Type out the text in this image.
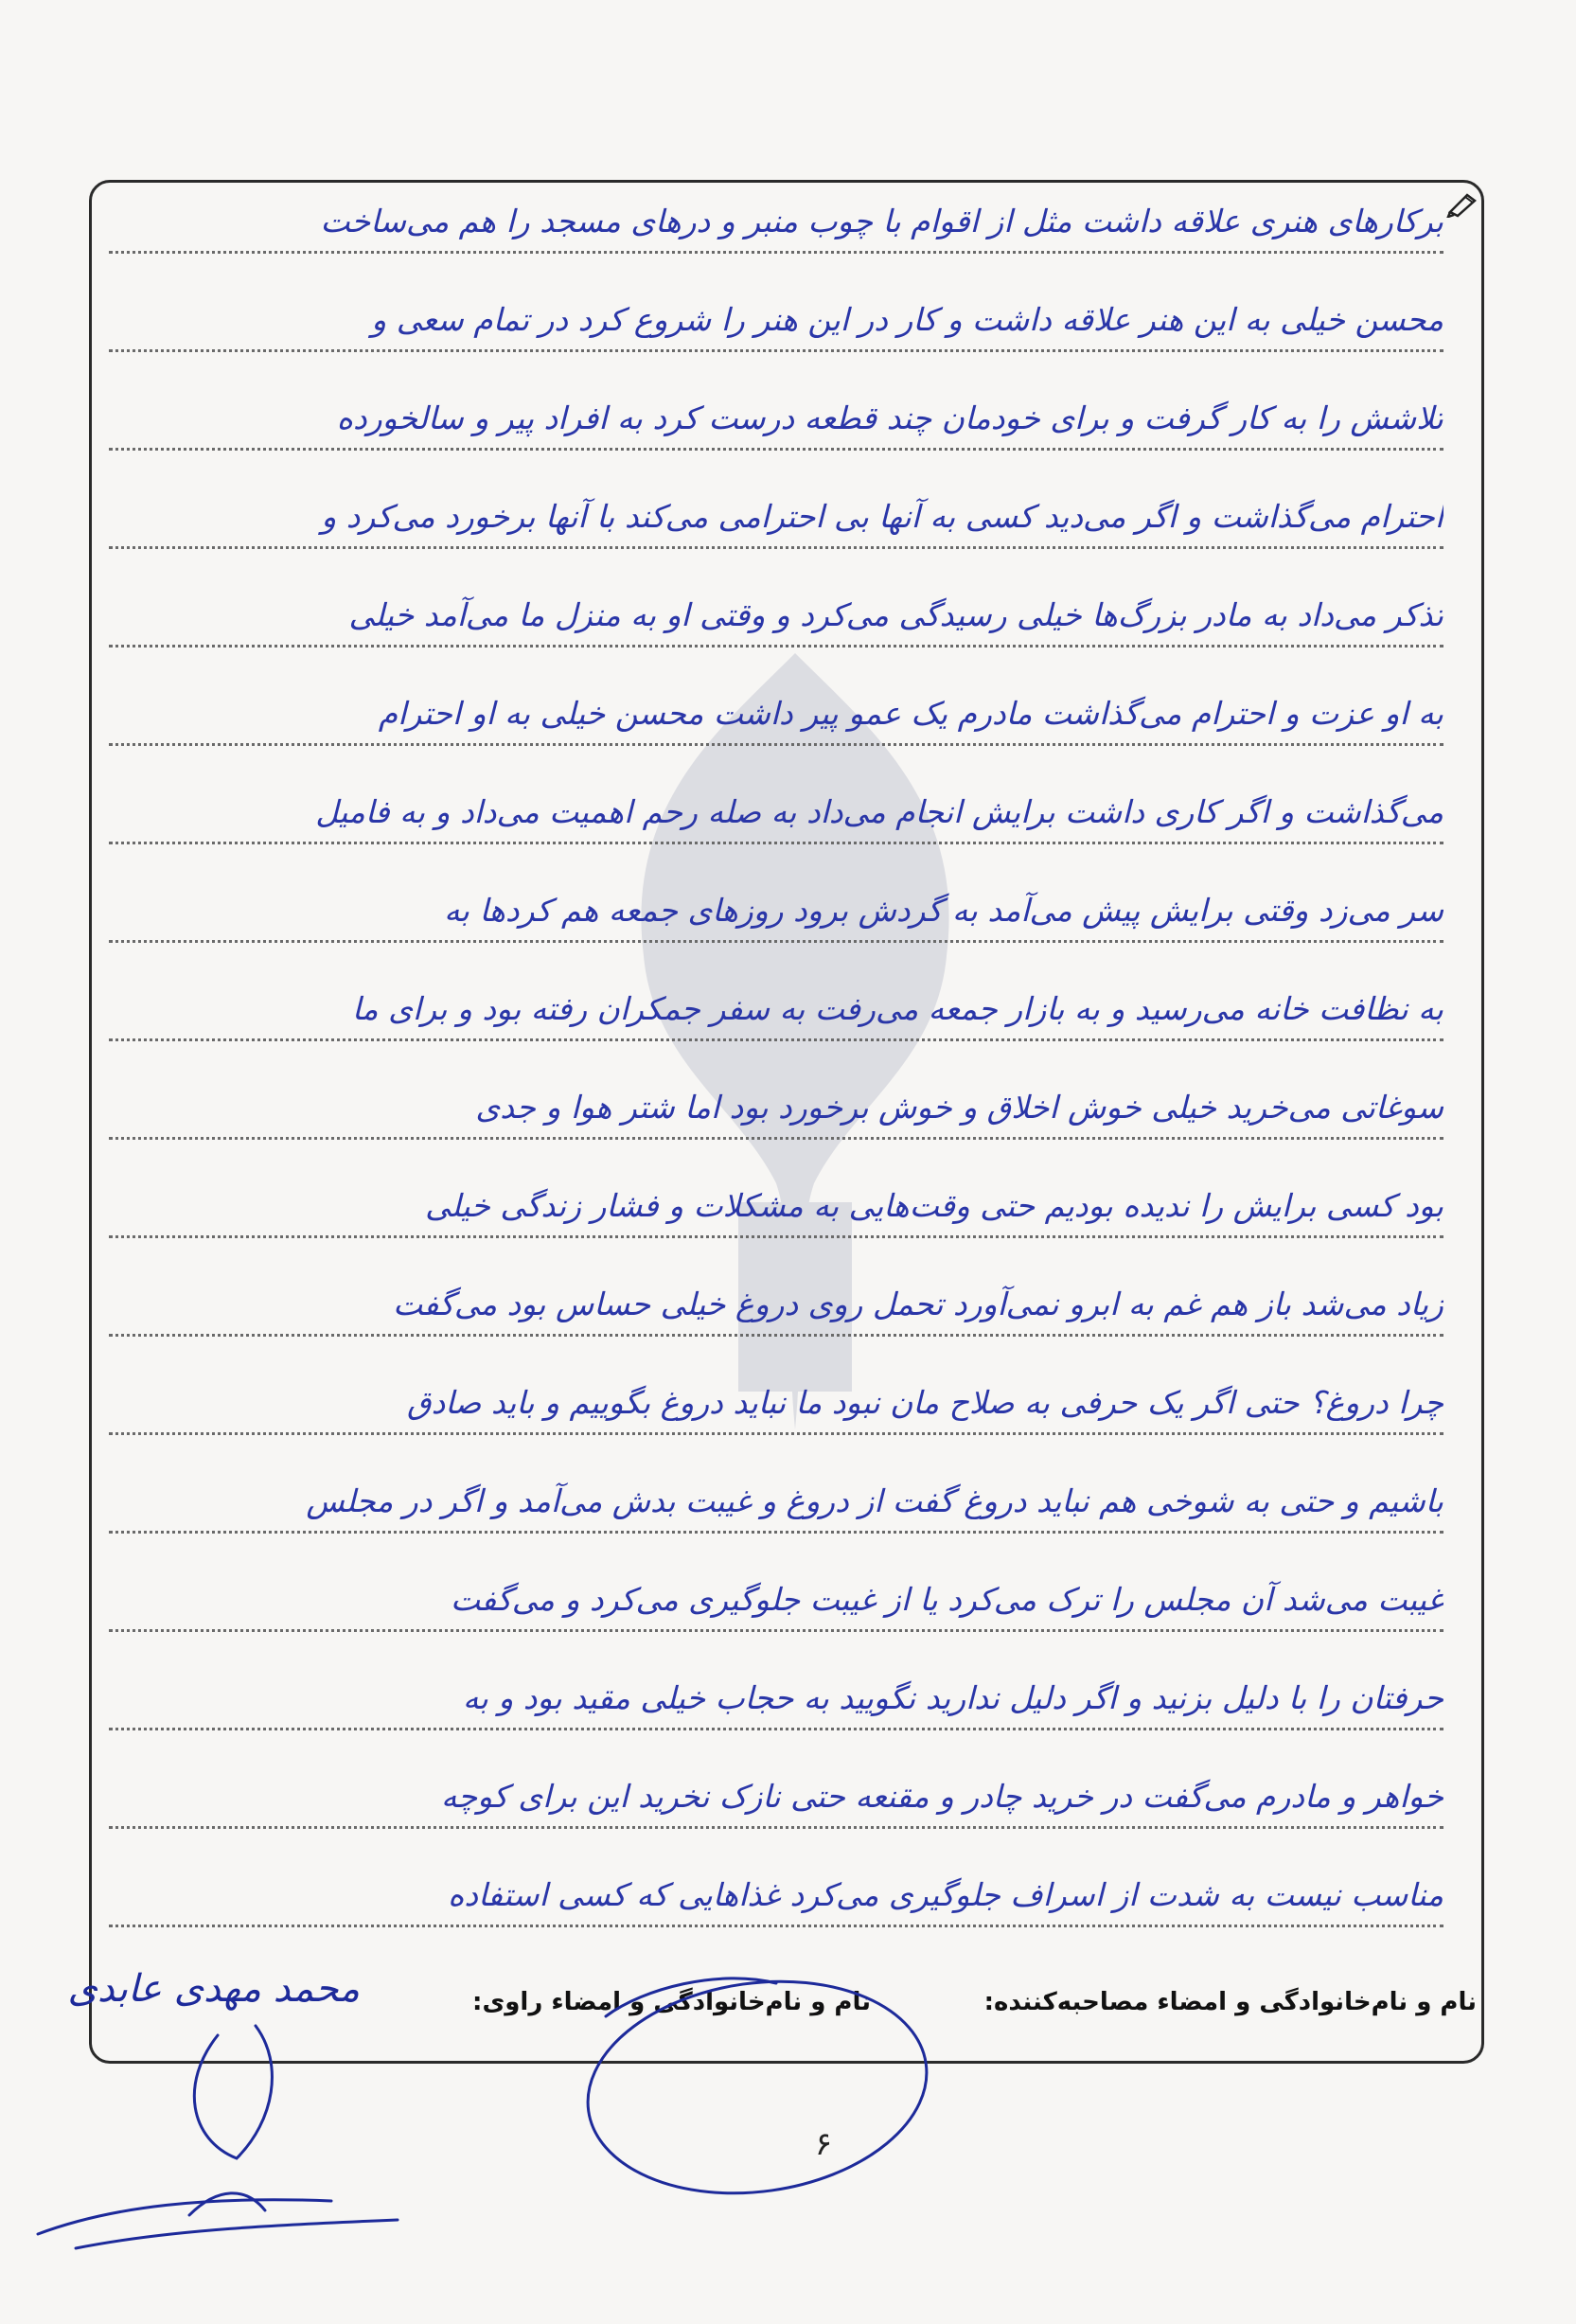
برکارهای هنری علاقه داشت مثل از اقوام با چوب منبر و درهای مسجد را هم می‌ساخت
محسن خیلی به این هنر علاقه داشت و کار در این هنر را شروع کرد در تمام سعی و
تلاشش را به کار گرفت و برای خودمان چند قطعه درست کرد به افراد پیر و سالخورده
احترام می‌گذاشت و اگر می‌دید کسی به آنها بی احترامی می‌کند با آنها برخورد می‌کرد و
تذکر می‌داد به مادر بزرگ‌ها خیلی رسیدگی می‌کرد و وقتی او به منزل ما می‌آمد خیلی
به او عزت و احترام می‌گذاشت مادرم یک عمو پیر داشت محسن خیلی به او احترام
می‌گذاشت و اگر کاری داشت برایش انجام می‌داد به صله رحم اهمیت می‌داد و به فامیل
سر می‌زد وقتی برایش پیش می‌آمد به گردش برود روزهای جمعه هم کردها به
به نظافت خانه می‌رسید و به بازار جمعه می‌رفت به سفر جمکران رفته بود و برای ما
سوغاتی می‌خرید خیلی خوش اخلاق و خوش برخورد بود اما شتر هوا و جدی
بود کسی برایش را ندیده بودیم حتی وقت‌هایی به مشکلات و فشار زندگی خیلی
زیاد می‌شد باز هم غم به ابرو نمی‌آورد تحمل روی دروغ خیلی حساس بود می‌گفت
چرا دروغ؟ حتی اگر یک حرفی به صلاح مان نبود ما نباید دروغ بگوییم و باید صادق
باشیم و حتی به شوخی هم نباید دروغ گفت از دروغ و غیبت بدش می‌آمد و اگر در مجلس
غیبت می‌شد آن مجلس را ترک می‌کرد یا از غیبت جلوگیری می‌کرد و می‌گفت
حرفتان را با دلیل بزنید و اگر دلیل ندارید نگویید به حجاب خیلی مقید بود و به
خواهر و مادرم می‌گفت در خرید چادر و مقنعه حتی نازک نخرید این برای کوچه
مناسب نیست به شدت از اسراف جلوگیری می‌کرد غذاهایی که کسی استفاده
نام و نام‌خانوادگی و امضاء مصاحبه‌کننده:
نام و نام‌خانوادگی و امضاء راوی:
محمد مهدی عابدی
۶
